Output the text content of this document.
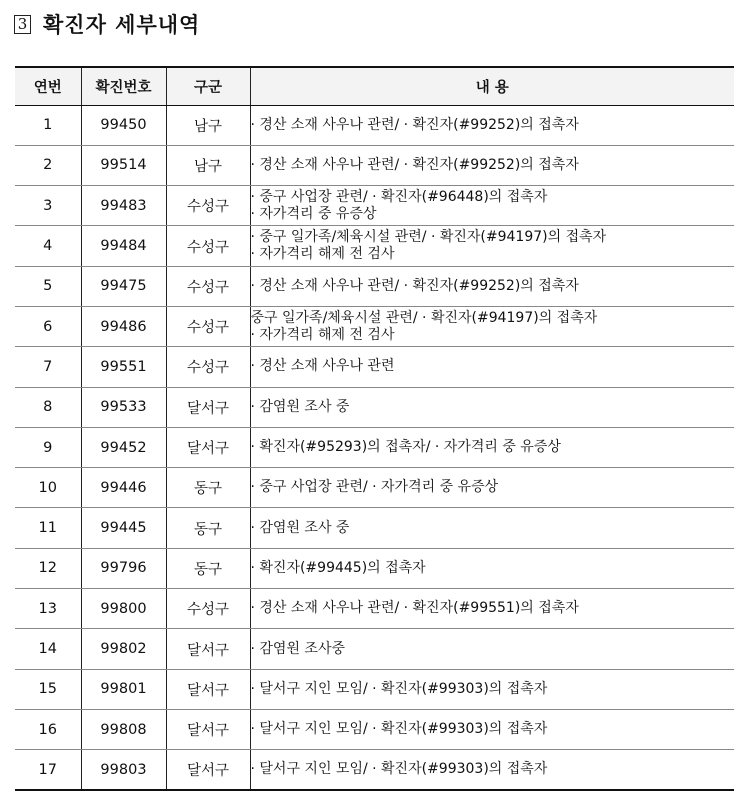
3 확진자 세부내역
연번	확진번호	구군	내 용
1	99450	남구	· 경산 소재 사우나 관련/ · 확진자(#99252)의 접촉자

2	99514	남구	· 경산 소재 사우나 관련/ · 확진자(#99252)의 접촉자

3	99483	수성구	· 중구 사업장 관련/ · 확진자(#96448)의 접촉자
· 자가격리 중 유증상

4	99484	수성구	· 중구 일가족/체육시설 관련/ · 확진자(#94197)의 접촉자
· 자가격리 해제 전 검사

5	99475	수성구	· 경산 소재 사우나 관련/ · 확진자(#99252)의 접촉자

6	99486	수성구	중구 일가족/체육시설 관련/ · 확진자(#94197)의 접촉자
· 자가격리 해제 전 검사

7	99551	수성구	· 경산 소재 사우나 관련

8	99533	달서구	· 감염원 조사 중

9	99452	달서구	· 확진자(#95293)의 접촉자/ · 자가격리 중 유증상

10	99446	동구	· 중구 사업장 관련/ · 자가격리 중 유증상

11	99445	동구	· 감염원 조사 중

12	99796	동구	· 확진자(#99445)의 접촉자

13	99800	수성구	· 경산 소재 사우나 관련/ · 확진자(#99551)의 접촉자

14	99802	달서구	· 감염원 조사중

15	99801	달서구	· 달서구 지인 모임/ · 확진자(#99303)의 접촉자

16	99808	달서구	· 달서구 지인 모임/ · 확진자(#99303)의 접촉자

17	99803	달서구	· 달서구 지인 모임/ · 확진자(#99303)의 접촉자
